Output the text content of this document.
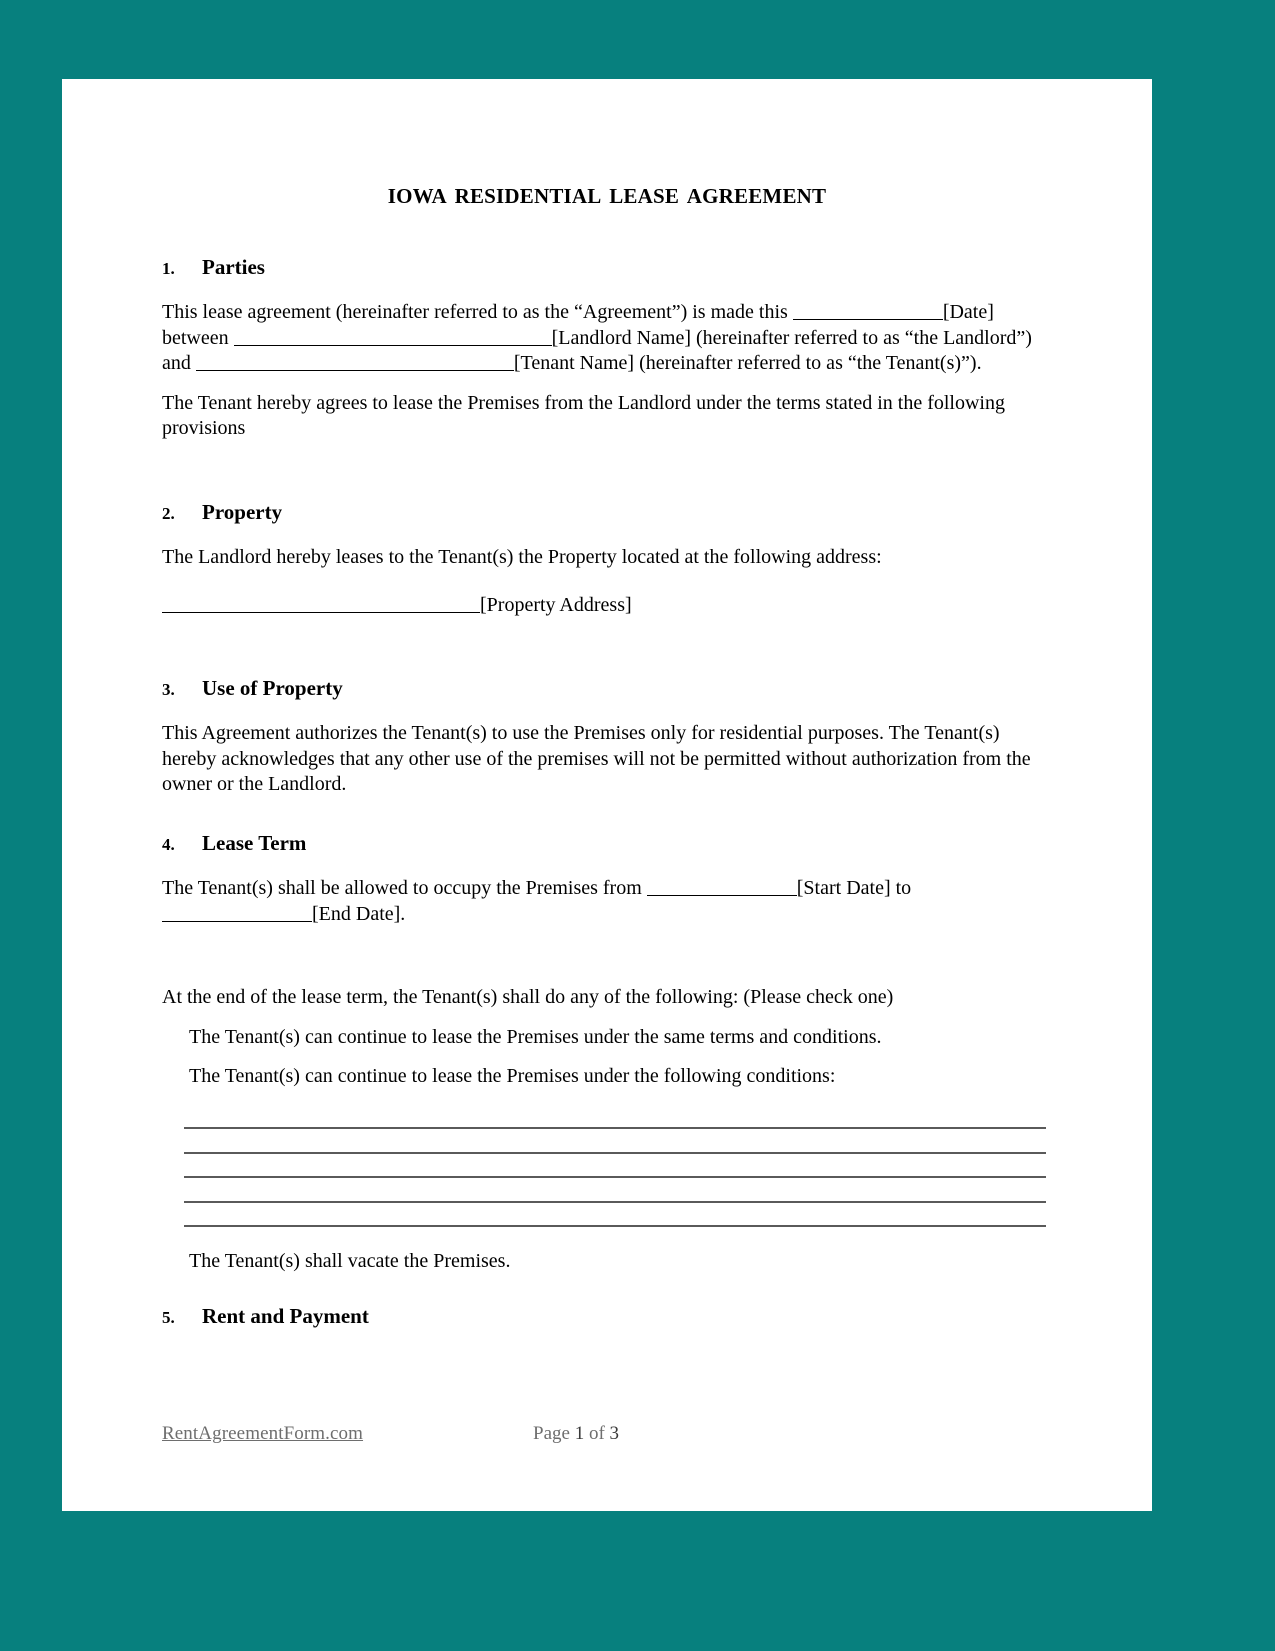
iowa residential lease agreement
1.	Parties

This lease agreement (hereinafter referred to as the “Agreement”) is made this	[Date] between	[Landlord Name] (hereinafter referred to as “the Landlord”) and	[Tenant Name] (hereinafter referred to as “the Tenant(s)”).

The Tenant hereby agrees to lease the Premises from the Landlord under the terms stated in the following provisions

2.	Property

The Landlord hereby leases to the Tenant(s) the Property located at the following address:

[Property Address]

3.	Use of Property

This Agreement authorizes the Tenant(s) to use the Premises only for residential purposes. The Tenant(s) hereby acknowledges that any other use of the premises will not be permitted without authorization from the owner or the Landlord.

4.	Lease Term

The Tenant(s) shall be allowed to occupy the Premises from	[Start Date] to [End Date].

At the end of the lease term, the Tenant(s) shall do any of the following: (Please check one)

The Tenant(s) can continue to lease the Premises under the same terms and conditions.
The Tenant(s) can continue to lease the Premises under the following conditions:
The Tenant(s) shall vacate the Premises.
5.	Rent and Payment
RentAgreementForm.com	Page 1 of 3
